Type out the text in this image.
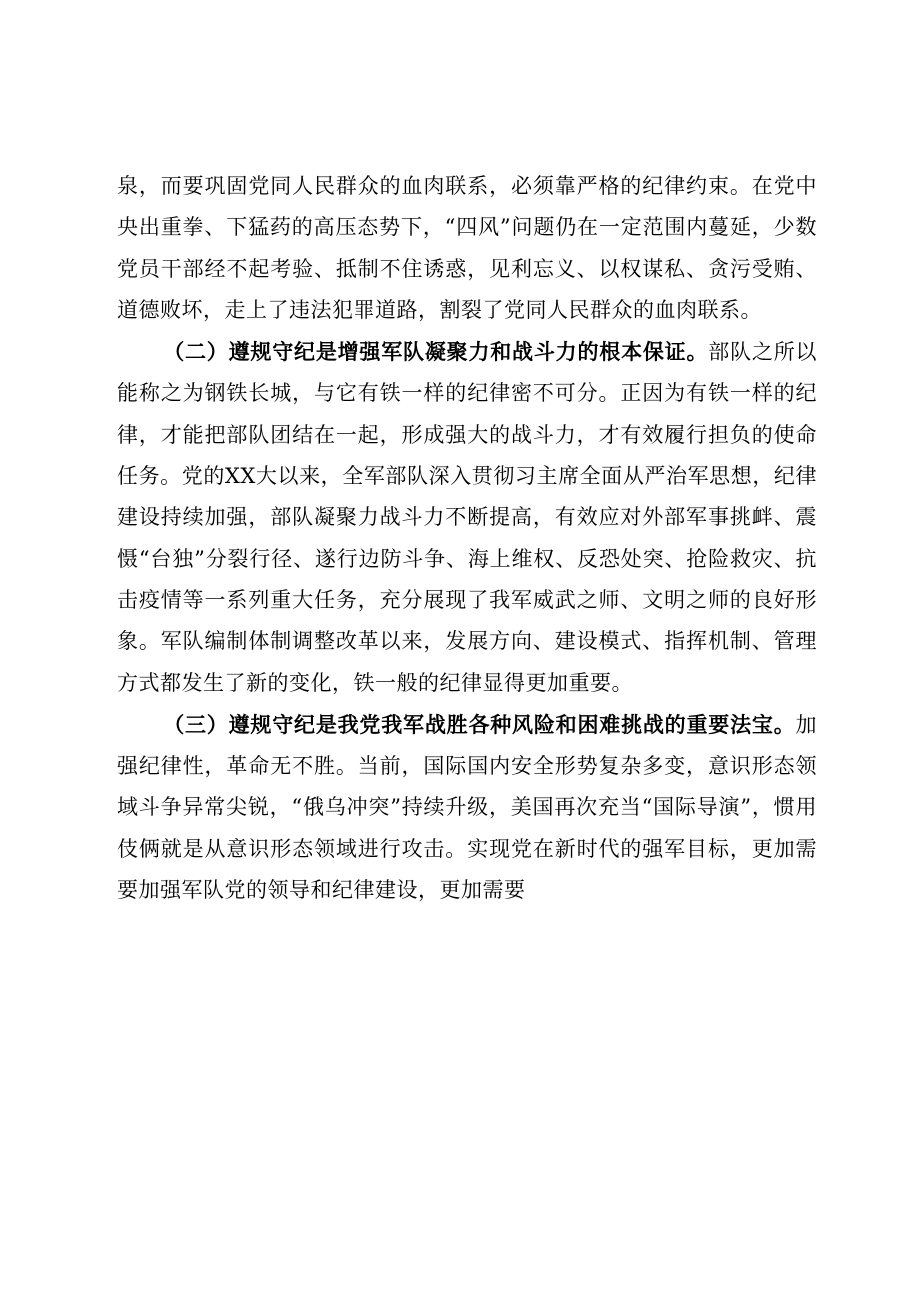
泉，而要巩固党同人民群众的血肉联系，必须靠严格的纪律约束。在党中央出重拳、下猛药的高压态势下，“四风”问题仍在一定范围内蔓延，少数党员干部经不起考验、抵制不住诱惑，见利忘义、以权谋私、贪污受贿、道德败坏，走上了违法犯罪道路，割裂了党同人民群众的血肉联系。

（二）遵规守纪是增强军队凝聚力和战斗力的根本保证。部队之所以能称之为钢铁长城，与它有铁一样的纪律密不可分。正因为有铁一样的纪律，才能把部队团结在一起，形成强大的战斗力，才有效履行担负的使命任务。党的XX大以来，全军部队深入贯彻习主席全面从严治军思想，纪律建设持续加强，部队凝聚力战斗力不断提高，有效应对外部军事挑衅、震慑“台独”分裂行径、遂行边防斗争、海上维权、反恐处突、抢险救灾、抗击疫情等一系列重大任务，充分展现了我军威武之师、文明之师的良好形象。军队编制体制调整改革以来，发展方向、建设模式、指挥机制、管理方式都发生了新的变化，铁一般的纪律显得更加重要。

（三）遵规守纪是我党我军战胜各种风险和困难挑战的重要法宝。加强纪律性，革命无不胜。当前，国际国内安全形势复杂多变，意识形态领域斗争异常尖锐，“俄乌冲突”持续升级，美国再次充当“国际导演”，惯用伎俩就是从意识形态领域进行攻击。实现党在新时代的强军目标，更加需要加强军队党的领导和纪律建设，更加需要
